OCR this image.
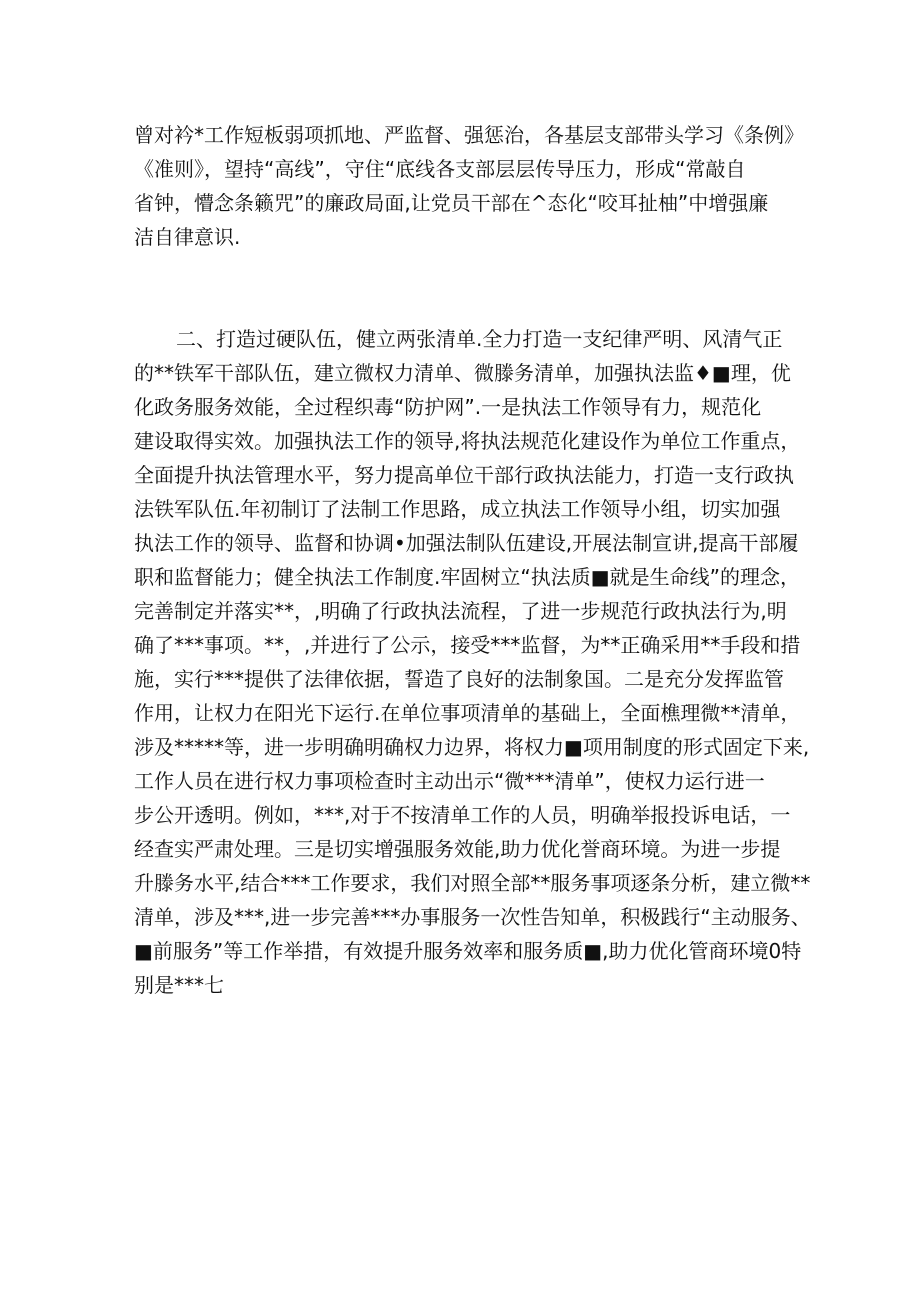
曾对衿*工作短板弱项抓地、严监督、强惩治，各基层支部带头学习《条例》
《准则》，望持“高线”，守住“底线各支部层层传导压力，形成“常敲自
省钟，懵念条籁咒”的廉政局面,让党员干部在^态化“咬耳扯柚”中增强廉
洁自律意识.
二、打造过硬队伍，健立两张清单.全力打造一支纪律严明、风清气正
的**铁军干部队伍，建立微权力清单、微滕务清单，加强执法监♦■理，优
化政务服务效能，全过程织毒“防护网”.一是执法工作领导有力，规范化
建设取得实效。加强执法工作的领导,将执法规范化建设作为单位工作重点，
全面提升执法管理水平，努力提高单位干部行政执法能力，打造一支行政执
法铁军队伍.年初制订了法制工作思路，成立执法工作领导小组，切实加强
执法工作的领导、监督和协调•加强法制队伍建设,开展法制宣讲,提高干部履
职和监督能力；健全执法工作制度.牢固树立“执法质■就是生命线”的理念，
完善制定并落实**，,明确了行政执法流程，了进一步规范行政执法行为,明
确了***事项。**，,并进行了公示，接受***监督，为**正确采用**手段和措
施，实行***提供了法律依据，誓造了良好的法制象国。二是充分发挥监管
作用，让权力在阳光下运行.在单位事项清单的基础上，全面樵理微**清单，
涉及*****等，进一步明确明确权力边界，将权力■项用制度的形式固定下来,
工作人员在进行权力事项检查时主动出示“微***清单”，使权力运行进一
步公开透明。例如，***,对于不按清单工作的人员，明确举报投诉电话，一
经查实严肃处理。三是切实增强服务效能,助力优化誉商环境。为进一步提
升滕务水平,结合***工作要求，我们对照全部**服务事项逐条分析，建立微**
清单，涉及***,进一步完善***办事服务一次性告知单，积极践行“主动服务、
■前服务”等工作举措，有效提升服务效率和服务质■,助力优化管商环境0特
别是***七
